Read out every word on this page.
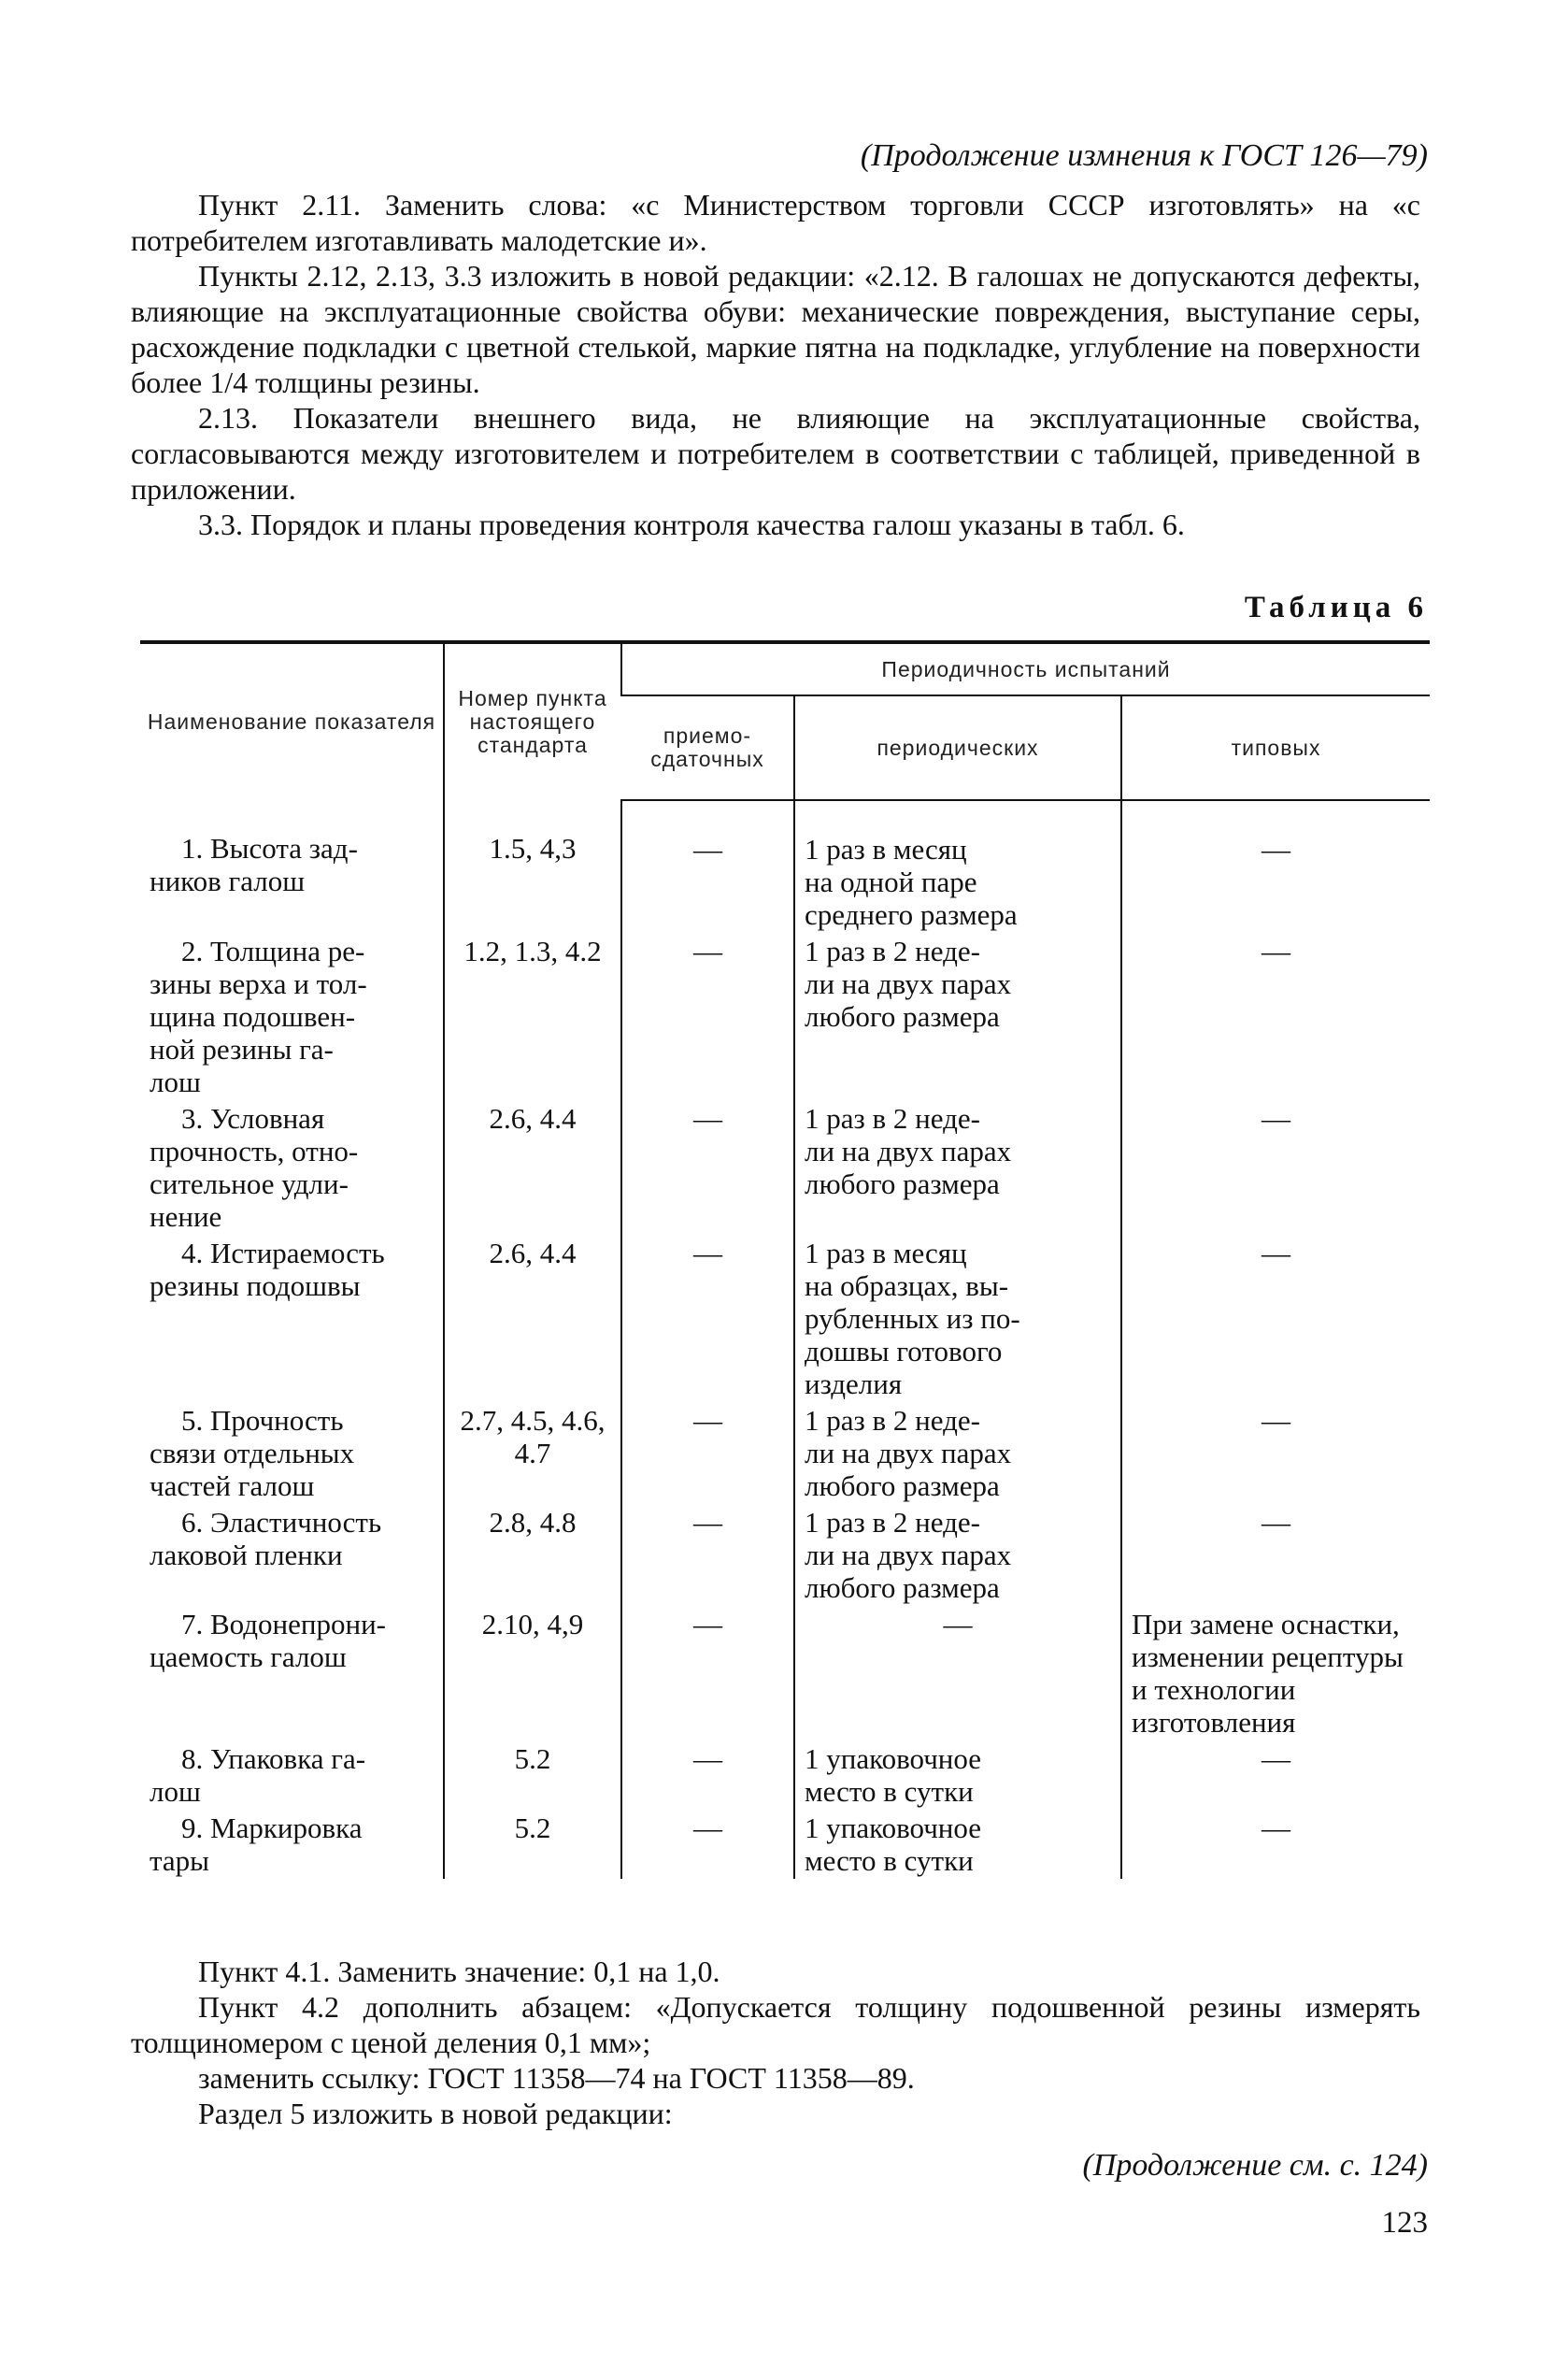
(Продолжение измнения к ГОСТ 126—79)

Пункт 2.11. Заменить слова: «с Министерством торговли СССР изготовлять» на «с потребителем изготавливать малодетские и».

Пункты 2.12, 2.13, 3.3 изложить в новой редакции: «2.12. В галошах не допускаются дефекты, влияющие на эксплуатационные свойства обуви: механические повреждения, выступание серы, расхождение подкладки с цветной стелькой, маркие пятна на подкладке, углубление на поверхности более 1/4 толщины резины.

2.13. Показатели внешнего вида, не влияющие на эксплуатационные свойства, согласовываются между изготовителем и потребителем в соответствии с таблицей, приведенной в приложении.

3.3. Порядок и планы проведения контроля качества галош указаны в табл. 6.

Таблица 6
Наименование показателя	Номер пункта настоящего стандарта	Периодичность испытаний		
		приемо-сдаточных	периодических	типовых

1. Высота зад-
ников галош	1.5, 4,3	—	1 раз в месяц
на одной паре
среднего размера	—

2. Толщина ре-
зины верха и тол-
щина подошвен-
ной резины га-
лош	1.2, 1.3, 4.2	—	1 раз в 2 неде-
ли на двух парах
любого размера	—

3. Условная
прочность, отно-
сительное удли-
нение	2.6, 4.4	—	1 раз в 2 неде-
ли на двух парах
любого размера	—

4. Истираемость
резины подошвы	2.6, 4.4	—	1 раз в месяц
на образцах, вы-
рубленных из по-
дошвы готового
изделия	—

5. Прочность
связи отдельных
частей галош	2.7, 4.5, 4.6, 4.7	—	1 раз в 2 неде-
ли на двух парах
любого размера	—

6. Эластичность
лаковой пленки	2.8, 4.8	—	1 раз в 2 неде-
ли на двух парах
любого размера	—

7. Водонепрони-
цаемость галош	2.10, 4,9	—	—	При замене оснастки, изменении рецептуры и технологии изготовления

8. Упаковка га-
лош	5.2	—	1 упаковочное
место в сутки	—

9. Маркировка
тары	5.2	—	1 упаковочное
место в сутки	—

Пункт 4.1. Заменить значение: 0,1 на 1,0.

Пункт 4.2 дополнить абзацем: «Допускается толщину подошвенной резины измерять толщиномером с ценой деления 0,1 мм»;

заменить ссылку: ГОСТ 11358—74 на ГОСТ 11358—89.

Раздел 5 изложить в новой редакции:

(Продолжение см. с. 124)
123
